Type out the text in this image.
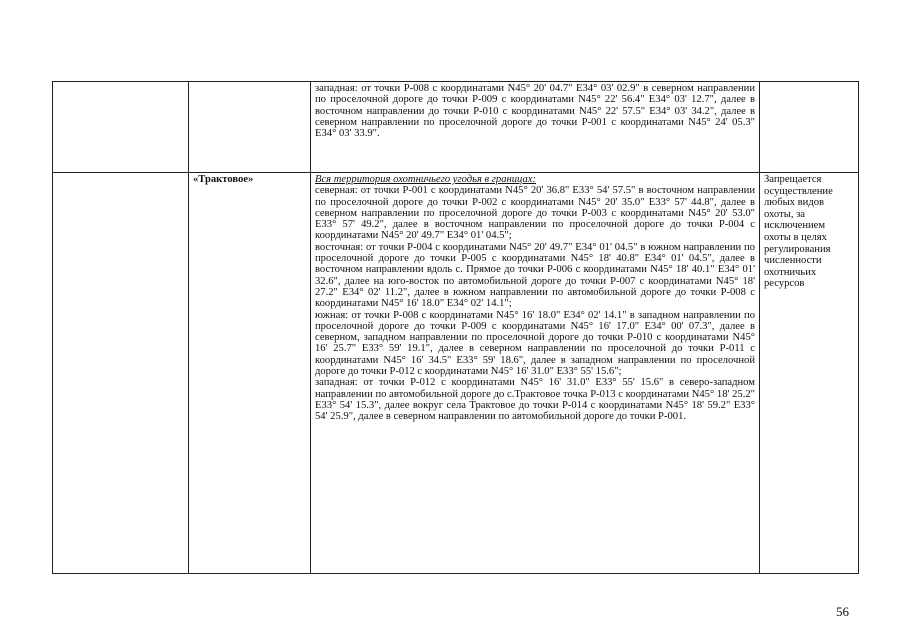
		западная: от точки Р-008 с координатами N45° 20' 04.7" E34° 03' 02.9" в северном направлении по проселочной дороге до точки Р-009 с координатами N45° 22' 56.4" E34° 03' 12.7", далее в восточном направлении до точки Р-010 с координатами N45° 22' 57.5" E34° 03' 34.2", далее в северном направлении по проселочной дороге до точки Р-001 с координатами N45° 24' 05.3" E34° 03' 33.9".	

	«Трактовое»	Вся территория охотничьего угодья в границах:

северная: от точки Р-001 с координатами N45° 20' 36.8" E33° 54' 57.5" в восточном направлении по проселочной дороге до точки Р-002 с координатами N45° 20' 35.0" E33° 57' 44.8", далее в северном направлении по проселочной дороге до точки Р-003 с координатами N45° 20' 53.0" E33° 57' 49.2", далее в восточном направлении по проселочной дороге до точки Р-004 с координатами N45° 20' 49.7" E34° 01' 04.5";

восточная: от точки Р-004 с координатами N45° 20' 49.7" E34° 01' 04.5" в южном направлении по проселочной дороге до точки Р-005 с координатами N45° 18' 40.8" E34° 01' 04.5", далее в восточном направлении вдоль с. Прямое до точки Р-006 с координатами N45° 18' 40.1" E34° 01' 32.6", далее на юго-восток по автомобильной дороге до точки Р-007 с координатами N45° 18' 27.2" E34° 02' 11.2", далее в южном направлении по автомобильной дороге до точки Р-008 с координатами N45° 16' 18.0" E34° 02' 14.1";

южная: от точки Р-008 с координатами N45° 16' 18.0" E34° 02' 14.1" в западном направлении по проселочной дороге до точки Р-009 с координатами N45° 16' 17.0" E34° 00' 07.3", далее в северном, западном направлении по проселочной дороге до точки Р-010 с координатами N45° 16' 25.7" E33° 59' 19.1", далее в северном направлении по проселочной до точки Р-011 с координатами N45° 16' 34.5" E33° 59' 18.6", далее в западном направлении по проселочной дороге до точки Р-012 с координатами N45° 16' 31.0" E33° 55' 15.6";

западная: от точки Р-012 с координатами N45° 16' 31.0" E33° 55' 15.6" в северо-западном направлении по автомобильной дороге до с.Трактовое точка Р-013 с координатами N45° 18' 25.2" E33° 54' 15.3", далее вокруг села Трактовое до точки Р-014 с координатами N45° 18' 59.2" E33° 54' 25.9", далее в северном направлении по автомобильной дороге до точки Р-001.	Запрещается осуществление любых видов охоты, за исключением охоты в целях регулирования численности охотничьих ресурсов

56
